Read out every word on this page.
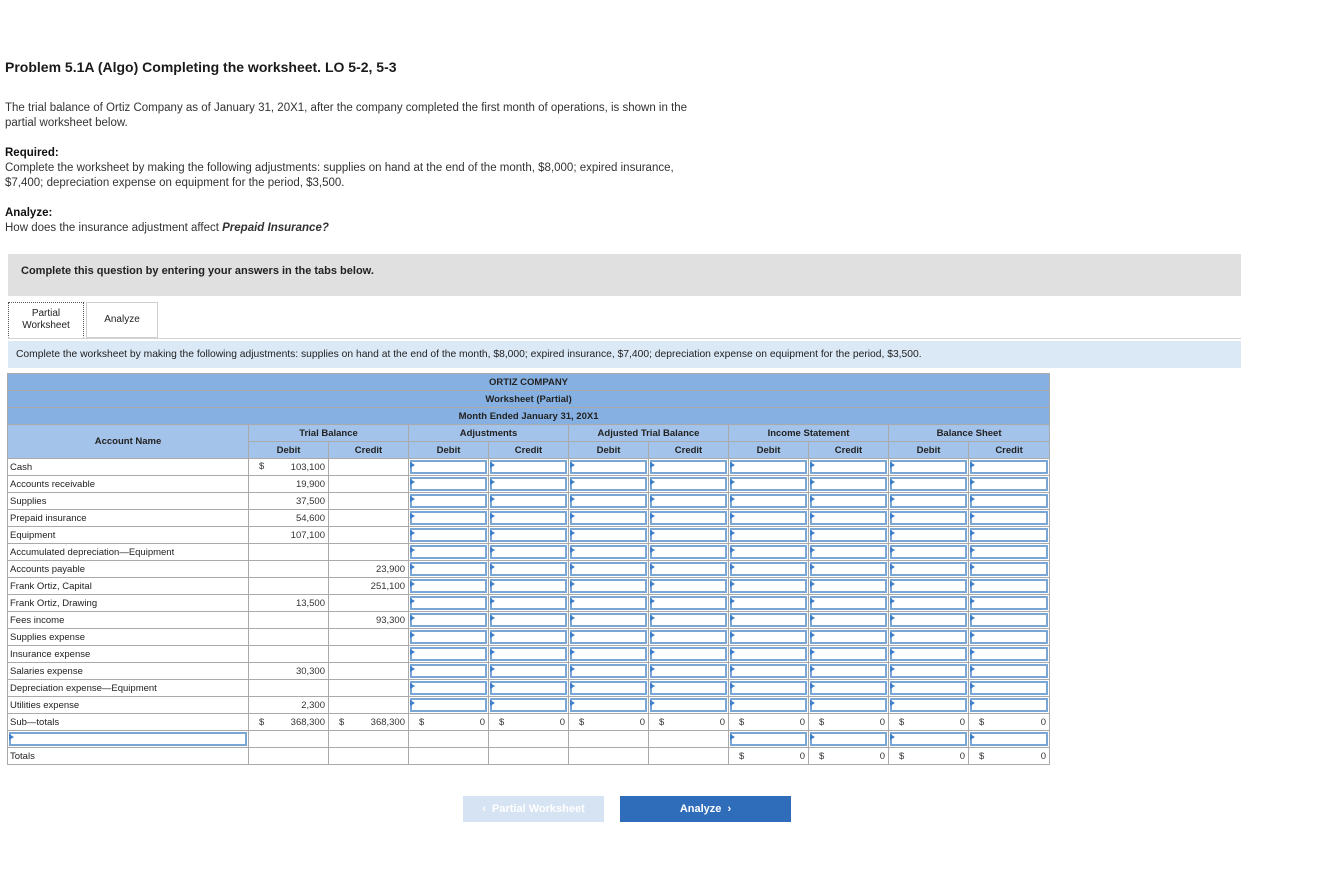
Problem 5.1A (Algo) Completing the worksheet. LO 5-2, 5-3
The trial balance of Ortiz Company as of January 31, 20X1, after the company completed the first month of operations, is shown in the
partial worksheet below.
Required:
Complete the worksheet by making the following adjustments: supplies on hand at the end of the month, $8,000; expired insurance,
$7,400; depreciation expense on equipment for the period, $3,500.
Analyze:
How does the insurance adjustment affect Prepaid Insurance?
Complete this question by entering your answers in the tabs below.
Partial
Worksheet
Analyze
Complete the worksheet by making the following adjustments: supplies on hand at the end of the month, $8,000; expired insurance, $7,400; depreciation expense on equipment for the period, $3,500.
ORTIZ COMPANY										
Worksheet (Partial)										
Month Ended January 31, 20X1										
Account Name	Trial Balance		Adjustments		Adjusted Trial Balance		Income Statement		Balance Sheet	
	Debit	Credit	Debit	Credit	Debit	Credit	Debit	Credit	Debit	Credit
Cash	$ 103,100		

Accounts receivable	19,900		

Supplies	37,500		

Prepaid insurance	54,600		

Equipment	107,100		

Accumulated depreciation—Equipment			

Accounts payable		23,900	

Frank Ortiz, Capital		251,100	

Frank Ortiz, Drawing	13,500		

Fees income		93,300	

Supplies expense			

Insurance expense			

Salaries expense	30,300		

Depreciation expense—Equipment			

Utilities expense	2,300		

Sub—totals	$ 368,300	$ 368,300	$ 0	$ 0	$ 0	$ 0	$ 0	$ 0	$ 0	$ 0

Totals							$ 0	$ 0	$ 0	$ 0
‹ Partial Worksheet	Analyze ›
